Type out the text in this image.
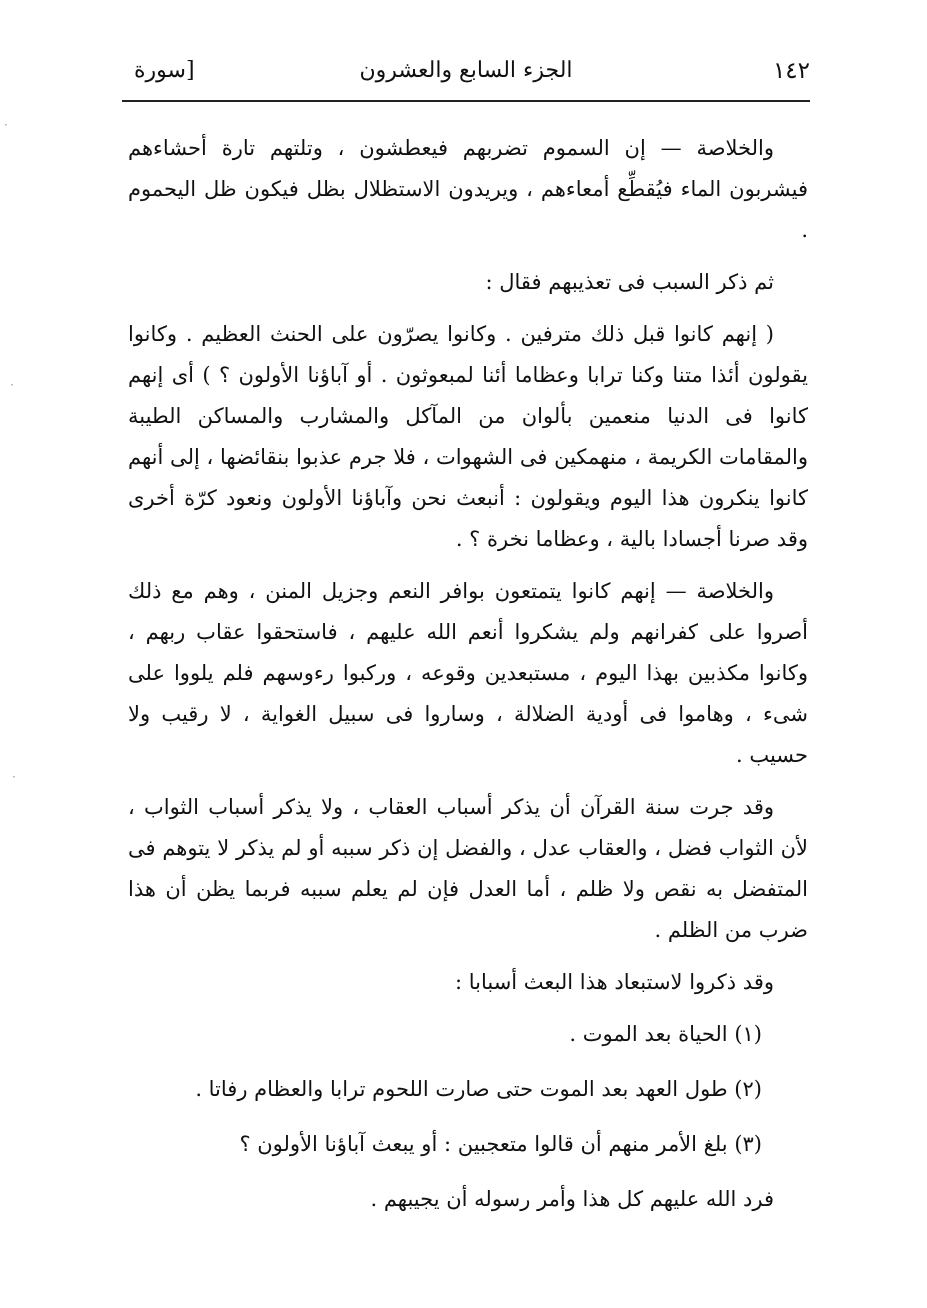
١٤٢
الجزء السابع والعشرون
[سورة

والخلاصة — إن السموم تضربهم فيعطشون ، وتلتهم تارة أحشاءهم فيشربون الماء فيُقطِّع أمعاءهم ، ويريدون الاستظلال بظل فيكون ظل اليحموم .

ثم ذكر السبب فى تعذيبهم فقال :

( إنهم كانوا قبل ذلك مترفين . وكانوا يصرّون على الحنث العظيم . وكانوا يقولون أئذا متنا وكنا ترابا وعظاما أئنا لمبعوثون . أو آباؤنا الأولون ؟ ) أى إنهم كانوا فى الدنيا منعمين بألوان من المآكل والمشارب والمساكن الطيبة والمقامات الكريمة ، منهمكين فى الشهوات ، فلا جرم عذبوا بنقائضها ، إلى أنهم كانوا ينكرون هذا اليوم ويقولون : أنبعث نحن وآباؤنا الأولون ونعود كرّة أخرى وقد صرنا أجسادا بالية ، وعظاما نخرة ؟ .

والخلاصة — إنهم كانوا يتمتعون بوافر النعم وجزيل المنن ، وهم مع ذلك أصروا على كفرانهم ولم يشكروا أنعم الله عليهم ، فاستحقوا عقاب ربهم ، وكانوا مكذبين بهذا اليوم ، مستبعدين وقوعه ، وركبوا رءوسهم فلم يلووا على شىء ، وهاموا فى أودية الضلالة ، وساروا فى سبيل الغواية ، لا رقيب ولا حسيب .

وقد جرت سنة القرآن أن يذكر أسباب العقاب ، ولا يذكر أسباب الثواب ، لأن الثواب فضل ، والعقاب عدل ، والفضل إن ذكر سببه أو لم يذكر لا يتوهم فى المتفضل به نقص ولا ظلم ، أما العدل فإن لم يعلم سببه فربما يظن أن هذا ضرب من الظلم .

وقد ذكروا لاستبعاد هذا البعث أسبابا :

(١) الحياة بعد الموت .
(٢) طول العهد بعد الموت حتى صارت اللحوم ترابا والعظام رفاتا .
(٣) بلغ الأمر منهم أن قالوا متعجبين : أو يبعث آباؤنا الأولون ؟

فرد الله عليهم كل هذا وأمر رسوله أن يجيبهم .

·
·
·
